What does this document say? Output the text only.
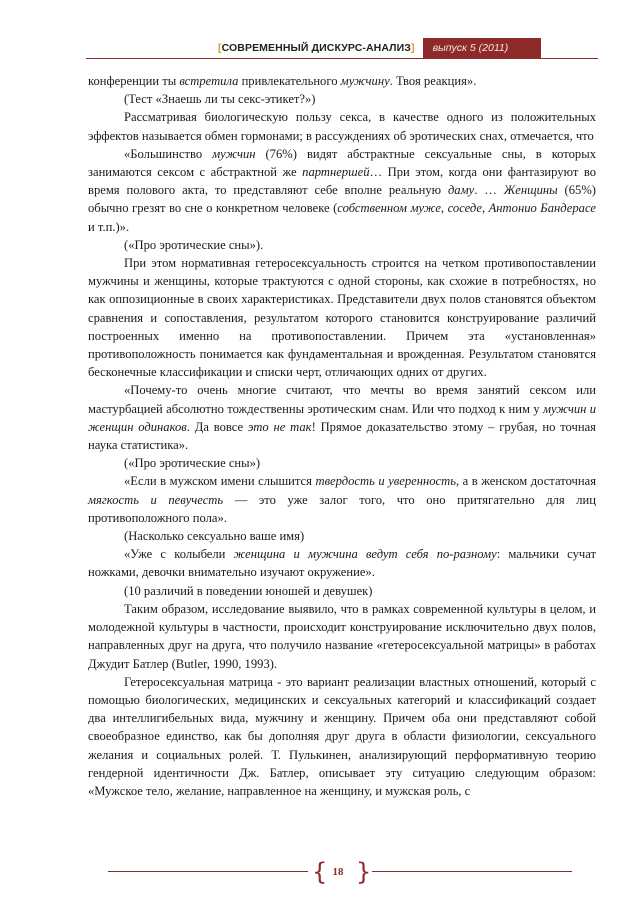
[ СОВРЕМЕННЫЙ ДИСКУРС-АНАЛИЗ ]	выпуск 5 (2011)

конференции ты встретила привлекательного мужчину. Твоя реакция».

(Тест «Знаешь ли ты секс-этикет?»)

Рассматривая биологическую пользу секса, в качестве одного из положительных эффектов называется обмен гормонами; в рассуждениях об эротических снах, отмечается, что

«Большинство мужчин (76%) видят абстрактные сексуальные сны, в которых занимаются сексом с абстрактной же партнершей… При этом, когда они фантазируют во время полового акта, то представляют себе вполне реальную даму. … Женщины (65%) обычно грезят во сне о конкретном человеке (собственном муже, соседе, Антонио Бандерасе и т.п.)».

(«Про эротические сны»).

При этом нормативная гетеросексуальность строится на четком противопоставлении мужчины и женщины, которые трактуются с одной стороны, как схожие в потребностях, но как оппозиционные в своих характеристиках. Представители двух полов становятся объектом сравнения и сопоставления, результатом которого становится конструирование различий построенных именно на противопоставлении. Причем эта «установленная» противоположность понимается как фундаментальная и врожденная. Результатом становятся бесконечные классификации и списки черт, отличающих одних от других.

«Почему-то очень многие считают, что мечты во время занятий сексом или мастурбацией абсолютно тождественны эротическим снам. Или что подход к ним у мужчин и женщин одинаков. Да вовсе это не так! Прямое доказательство этому – грубая, но точная наука статистика».

(«Про эротические сны»)

«Если в мужском имени слышится твердость и уверенность, а в женском достаточная мягкость и певучесть — это уже залог того, что оно притягательно для лиц противоположного пола».

(Насколько сексуально ваше имя)

«Уже с колыбели женщина и мужчина ведут себя по-разному: мальчики сучат ножками, девочки внимательно изучают окружение».

(10 различий в поведении юношей и девушек)

Таким образом, исследование выявило, что в рамках современной культуры в целом, и молодежной культуры в частности, происходит конструирование исключительно двух полов, направленных друг на друга, что получило название «гетеросексуальной матрицы» в работах Джудит Батлер (Butler, 1990, 1993).

Гетеросексуальная матрица - это вариант реализации властных отношений, который с помощью биологических, медицинских и сексуальных категорий и классификаций создает два интеллигибельных вида, мужчину и женщину. Причем оба они представляют собой своеобразное единство, как бы дополняя друг друга в области физиологии, сексуального желания и социальных ролей. Т. Пулькинен, анализирующий перформативную теорию гендерной идентичности Дж. Батлер, описывает эту ситуацию следующим образом: «Мужское тело, желание, направленное на женщину, и мужская роль, с

{ }
18
